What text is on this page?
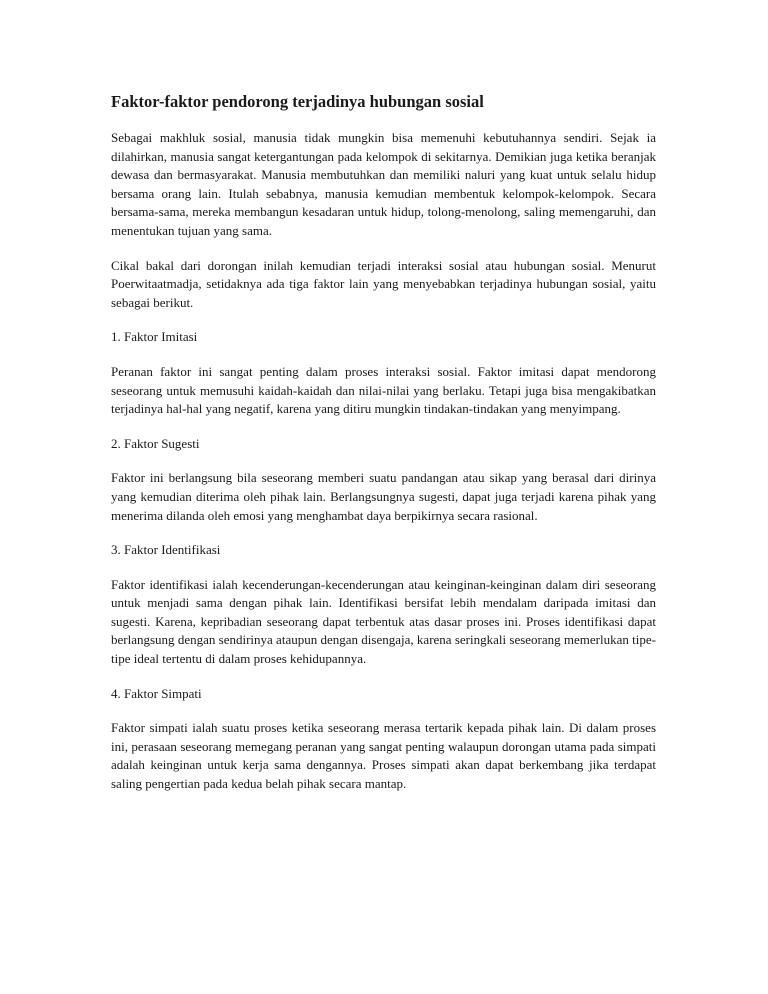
Faktor-faktor pendorong terjadinya hubungan sosial

Sebagai makhluk sosial, manusia tidak mungkin bisa memenuhi kebutuhannya sendiri. Sejak ia dilahirkan, manusia sangat ketergantungan pada kelompok di sekitarnya. Demikian juga ketika beranjak dewasa dan bermasyarakat. Manusia membutuhkan dan memiliki naluri yang kuat untuk selalu hidup bersama orang lain. Itulah sebabnya, manusia kemudian membentuk kelompok-kelompok. Secara bersama-sama, mereka membangun kesadaran untuk hidup, tolong-menolong, saling memengaruhi, dan menentukan tujuan yang sama.

Cikal bakal dari dorongan inilah kemudian terjadi interaksi sosial atau hubungan sosial. Menurut Poerwitaatmadja, setidaknya ada tiga faktor lain yang menyebabkan terjadinya hubungan sosial, yaitu sebagai berikut.

1. Faktor Imitasi

Peranan faktor ini sangat penting dalam proses interaksi sosial. Faktor imitasi dapat mendorong seseorang untuk memusuhi kaidah-kaidah dan nilai-nilai yang berlaku. Tetapi juga bisa mengakibatkan terjadinya hal-hal yang negatif, karena yang ditiru mungkin tindakan-tindakan yang menyimpang.

2. Faktor Sugesti

Faktor ini berlangsung bila seseorang memberi suatu pandangan atau sikap yang berasal dari dirinya yang kemudian diterima oleh pihak lain. Berlangsungnya sugesti, dapat juga terjadi karena pihak yang menerima dilanda oleh emosi yang menghambat daya berpikirnya secara rasional.

3. Faktor Identifikasi

Faktor identifikasi ialah kecenderungan-kecenderungan atau keinginan-keinginan dalam diri seseorang untuk menjadi sama dengan pihak lain. Identifikasi bersifat lebih mendalam daripada imitasi dan sugesti. Karena, kepribadian seseorang dapat terbentuk atas dasar proses ini. Proses identifikasi dapat berlangsung dengan sendirinya ataupun dengan disengaja, karena seringkali seseorang memerlukan tipe-tipe ideal tertentu di dalam proses kehidupannya.

4. Faktor Simpati

Faktor simpati ialah suatu proses ketika seseorang merasa tertarik kepada pihak lain. Di dalam proses ini, perasaan seseorang memegang peranan yang sangat penting walaupun dorongan utama pada simpati adalah keinginan untuk kerja sama dengannya. Proses simpati akan dapat berkembang jika terdapat saling pengertian pada kedua belah pihak secara mantap.
